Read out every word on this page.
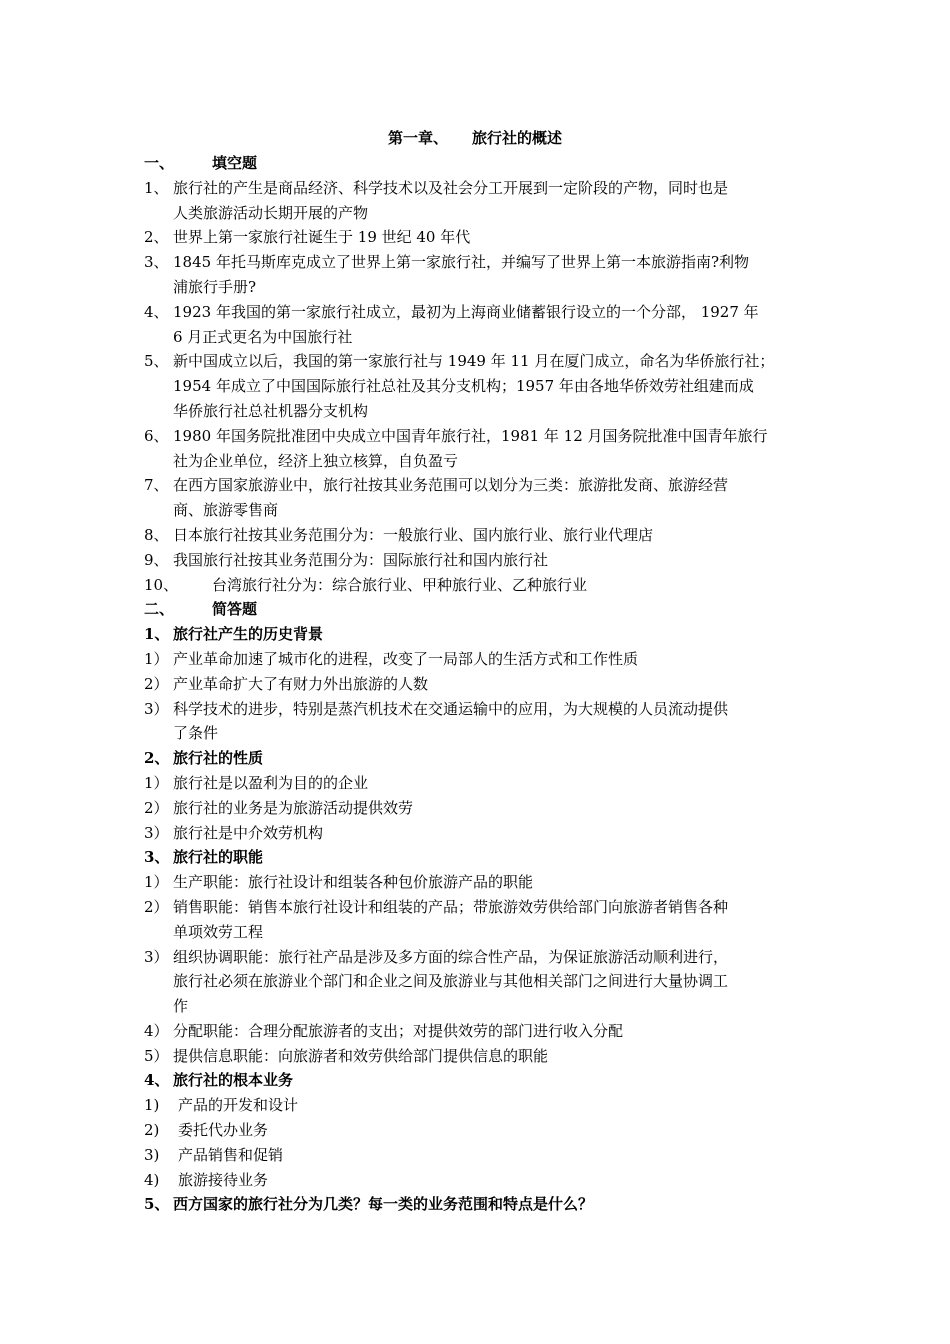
第一章、 旅行社的概述
一、	填空题
1、 旅行社的产生是商品经济、科学技术以及社会分工开展到一定阶段的产物，同时也是
人类旅游活动长期开展的产物
2、 世界上第一家旅行社诞生于 19 世纪 40 年代
3、 1845 年托马斯库克成立了世界上第一家旅行社，并编写了世界上第一本旅游指南?利物
浦旅行手册?
4、 1923 年我国的第一家旅行社成立，最初为上海商业储蓄银行设立的一个分部， 1927 年
6 月正式更名为中国旅行社
5、 新中国成立以后，我国的第一家旅行社与 1949 年 11 月在厦门成立，命名为华侨旅行社；
1954 年成立了中国国际旅行社总社及其分支机构；1957 年由各地华侨效劳社组建而成
华侨旅行社总社机器分支机构
6、 1980 年国务院批准团中央成立中国青年旅行社，1981 年 12 月国务院批准中国青年旅行
社为企业单位，经济上独立核算，自负盈亏
7、 在西方国家旅游业中，旅行社按其业务范围可以划分为三类：旅游批发商、旅游经营
商、旅游零售商
8、 日本旅行社按其业务范围分为：一般旅行业、国内旅行业、旅行业代理店
9、 我国旅行社按其业务范围分为：国际旅行社和国内旅行社
10、 台湾旅行社分为：综合旅行业、甲种旅行业、乙种旅行业
二、	简答题
1、 旅行社产生的历史背景
1） 产业革命加速了城市化的进程，改变了一局部人的生活方式和工作性质
2） 产业革命扩大了有财力外出旅游的人数
3） 科学技术的进步，特别是蒸汽机技术在交通运输中的应用，为大规模的人员流动提供
了条件
2、 旅行社的性质
1） 旅行社是以盈利为目的的企业
2） 旅行社的业务是为旅游活动提供效劳
3） 旅行社是中介效劳机构
3、 旅行社的职能
1） 生产职能：旅行社设计和组装各种包价旅游产品的职能
2） 销售职能：销售本旅行社设计和组装的产品；带旅游效劳供给部门向旅游者销售各种
单项效劳工程
3） 组织协调职能：旅行社产品是涉及多方面的综合性产品，为保证旅游活动顺利进行，
旅行社必须在旅游业个部门和企业之间及旅游业与其他相关部门之间进行大量协调工
作
4） 分配职能：合理分配旅游者的支出；对提供效劳的部门进行收入分配
5） 提供信息职能：向旅游者和效劳供给部门提供信息的职能
4、 旅行社的根本业务
1) 产品的开发和设计
2) 委托代办业务
3) 产品销售和促销
4) 旅游接待业务
5、 西方国家的旅行社分为几类？每一类的业务范围和特点是什么？
